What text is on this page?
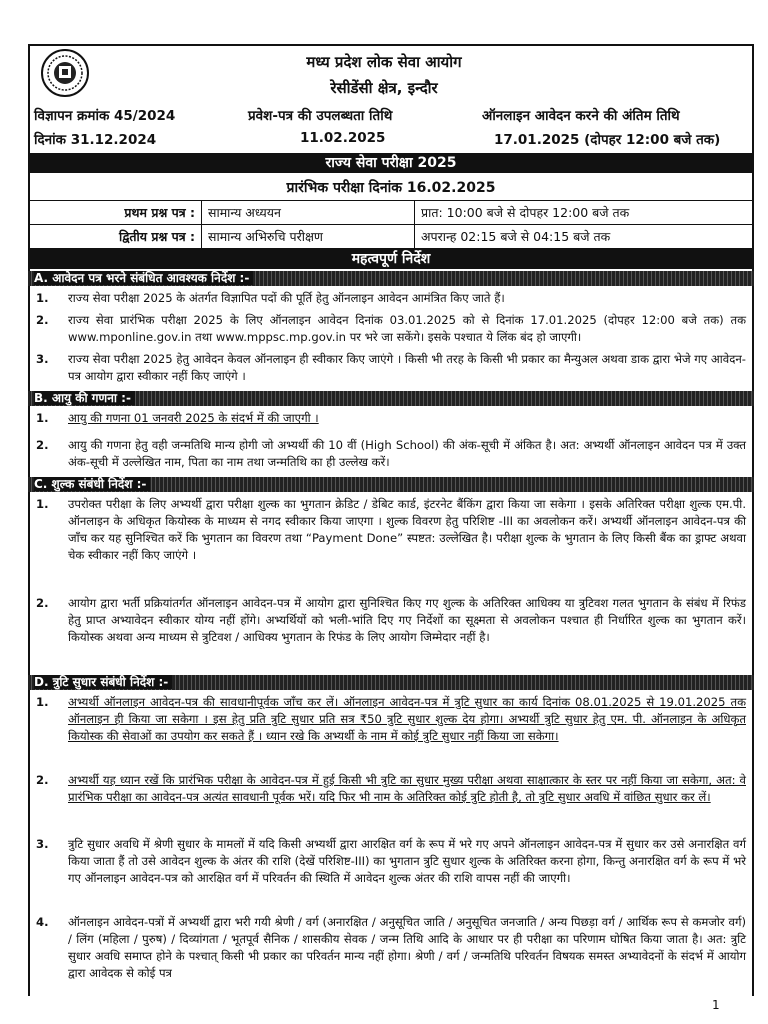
मध्य प्रदेश लोक सेवा आयोग
रेसीडेंसी क्षेत्र, इन्दौर
विज्ञापन क्रमांक 45/2024	प्रवेश-पत्र की उपलब्धता तिथि	ऑनलाइन आवेदन करने की अंतिम तिथि
दिनांक 31.12.2024	11.02.2025	17.01.2025 (दोपहर 12:00 बजे तक)
राज्य सेवा परीक्षा 2025
प्रारंभिक परीक्षा दिनांक 16.02.2025
प्रथम प्रश्न पत्र :	सामान्य अध्ययन	प्रात: 10:00 बजे से दोपहर 12:00 बजे तक
द्वितीय प्रश्न पत्र :	सामान्य अभिरुचि परीक्षण	अपरान्ह 02:15 बजे से 04:15 बजे तक
महत्वपूर्ण निर्देश
A. आवेदन पत्र भरने संबंधित आवश्यक निर्देश :-
1. राज्य सेवा परीक्षा 2025 के अंतर्गत विज्ञापित पदों की पूर्ति हेतु ऑनलाइन आवेदन आमंत्रित किए जाते हैं।
2. राज्य सेवा प्रारंभिक परीक्षा 2025 के लिए ऑनलाइन आवेदन दिनांक 03.01.2025 को से दिनांक 17.01.2025 (दोपहर 12:00 बजे तक) तक www.mponline.gov.in तथा www.mppsc.mp.gov.in पर भरे जा सकेंगे। इसके पश्चात ये लिंक बंद हो जाएगी।
3. राज्य सेवा परीक्षा 2025 हेतु आवेदन केवल ऑनलाइन ही स्वीकार किए जाएंगे । किसी भी तरह के किसी भी प्रकार का मैन्युअल अथवा डाक द्वारा भेजे गए आवेदन-पत्र आयोग द्वारा स्वीकार नहीं किए जाएंगे ।
B. आयु की गणना :-
1. आयु की गणना 01 जनवरी 2025 के संदर्भ में की जाएगी ।
2. आयु की गणना हेतु वही जन्मतिथि मान्य होगी जो अभ्यर्थी की 10 वीं (High School) की अंक-सूची में अंकित है। अत: अभ्यर्थी ऑनलाइन आवेदन पत्र में उक्त अंक-सूची में उल्लेखित नाम, पिता का नाम तथा जन्मतिथि का ही उल्लेख करें।
C. शुल्क संबंधी निर्देश :-
1. उपरोक्त परीक्षा के लिए अभ्यर्थी द्वारा परीक्षा शुल्क का भुगतान क्रेडिट / डेबिट कार्ड, इंटरनेट बैंकिंग द्वारा किया जा सकेगा । इसके अतिरिक्त परीक्षा शुल्क एम.पी. ऑनलाइन के अधिकृत कियोस्क के माध्यम से नगद स्वीकार किया जाएगा । शुल्क विवरण हेतु परिशिष्ट -III का अवलोकन करें। अभ्यर्थी ऑनलाइन आवेदन-पत्र की जाँच कर यह सुनिश्चित करें कि भुगतान का विवरण तथा “Payment Done” स्पष्टत: उल्लेखित है। परीक्षा शुल्क के भुगतान के लिए किसी बैंक का ड्राफ्ट अथवा चेक स्वीकार नहीं किए जाएंगे ।
2. आयोग द्वारा भर्ती प्रक्रियांतर्गत ऑनलाइन आवेदन-पत्र में आयोग द्वारा सुनिश्चित किए गए शुल्क के अतिरिक्त आधिक्य या त्रुटिवश गलत भुगतान के संबंध में रिफंड हेतु प्राप्त अभ्यावेदन स्वीकार योग्य नहीं होंगे। अभ्यर्थियों को भली-भांति दिए गए निर्देशों का सूक्ष्मता से अवलोकन पश्चात ही निर्धारित शुल्क का भुगतान करें। कियोस्क अथवा अन्य माध्यम से त्रुटिवश / आधिक्य भुगतान के रिफंड के लिए आयोग जिम्मेदार नहीं है।
D. त्रुटि सुधार संबंधी निर्देश :-
1. अभ्यर्थी ऑनलाइन आवेदन-पत्र की सावधानीपूर्वक जाँच कर लें। ऑनलाइन आवेदन-पत्र में त्रुटि सुधार का कार्य दिनांक 08.01.2025 से 19.01.2025 तक ऑनलाइन ही किया जा सकेगा । इस हेतु प्रति त्रुटि सुधार प्रति सत्र ₹50 त्रुटि सुधार शुल्क देय होगा। अभ्यर्थी त्रुटि सुधार हेतु एम. पी. ऑनलाइन के अधिकृत कियोस्क की सेवाओं का उपयोग कर सकते हैं । ध्यान रखे कि अभ्यर्थी के नाम में कोई त्रुटि सुधार नहीं किया जा सकेगा।
2. अभ्यर्थी यह ध्यान रखें कि प्रारंभिक परीक्षा के आवेदन-पत्र में हुई किसी भी त्रुटि का सुधार मुख्य परीक्षा अथवा साक्षात्कार के स्तर पर नहीं किया जा सकेगा, अत: वे प्रारंभिक परीक्षा का आवेदन-पत्र अत्यंत सावधानी पूर्वक भरें। यदि फिर भी नाम के अतिरिक्त कोई त्रुटि होती है, तो त्रुटि सुधार अवधि में वांछित सुधार कर लें।
3. त्रुटि सुधार अवधि में श्रेणी सुधार के मामलों में यदि किसी अभ्यर्थी द्वारा आरक्षित वर्ग के रूप में भरे गए अपने ऑनलाइन आवेदन-पत्र में सुधार कर उसे अनारक्षित वर्ग किया जाता हैं तो उसे आवेदन शुल्क के अंतर की राशि (देखें परिशिष्ट-III) का भुगतान त्रुटि सुधार शुल्क के अतिरिक्त करना होगा, किन्तु अनारक्षित वर्ग के रूप में भरे गए ऑनलाइन आवेदन-पत्र को आरक्षित वर्ग में परिवर्तन की स्थिति में आवेदन शुल्क अंतर की राशि वापस नहीं की जाएगी।
4. ऑनलाइन आवेदन-पत्रों में अभ्यर्थी द्वारा भरी गयी श्रेणी / वर्ग (अनारक्षित / अनुसूचित जाति / अनुसूचित जनजाति / अन्य पिछड़ा वर्ग / आर्थिक रूप से कमजोर वर्ग) / लिंग (महिला / पुरुष) / दिव्यांगता / भूतपूर्व सैनिक / शासकीय सेवक / जन्म तिथि आदि के आधार पर ही परीक्षा का परिणाम घोषित किया जाता है। अत: त्रुटि सुधार अवधि समाप्त होने के पश्चात् किसी भी प्रकार का परिवर्तन मान्य नहीं होगा। श्रेणी / वर्ग / जन्मतिथि परिवर्तन विषयक समस्त अभ्यावेदनों के संदर्भ में आयोग द्वारा आवेदक से कोई पत्र
1
